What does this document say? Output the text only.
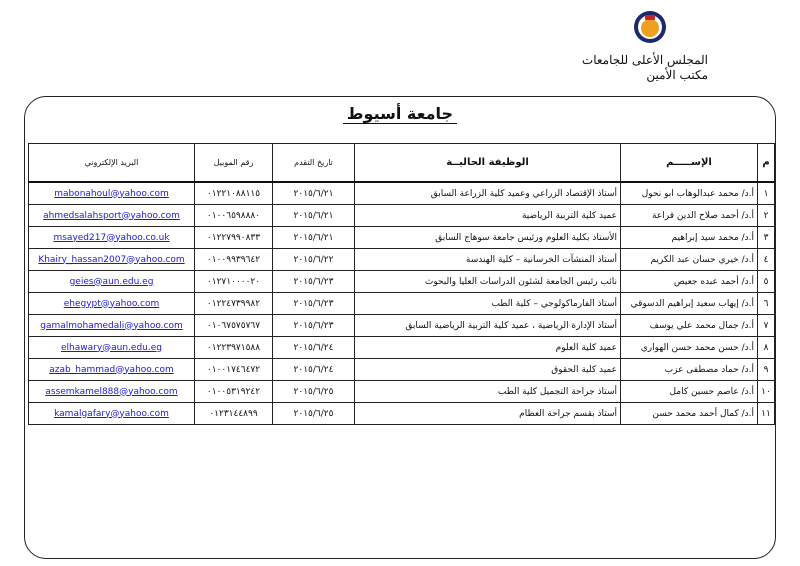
المجلس الأعلى للجامعات
مكتب الأمين
جامعة أسيوط
م	الإســـــم	الوظيفة الحاليــة	تاريخ التقدم	رقم الموبيل	البريد الإلكتروني
١	أ.د/ محمد عبدالوهاب ابو نحول	أستاذ الإقتصاد الزراعي وعميد كلية الزراعة السابق	٢٠١٥/٦/٢١	٠١٢٢١٠٨٨١١٥	mabonahoul@yahoo.com
٢	أ.د/ أحمد صلاح الدين قراعة	عميد كلية التربية الرياضية	٢٠١٥/٦/٢١	٠١٠٠٦٥٩٨٨٨٠	ahmedsalahsport@yahoo.com
٣	أ.د/ محمد سيد إبراهيم	الأستاذ بكلية العلوم ورئيس جامعة سوهاج السابق	٢٠١٥/٦/٢١	٠١٢٢٧٩٩٠٨٣٣	msayed217@yahoo.co.uk
٤	أ.د/ خيري حسان عبد الكريم	أستاذ المنشآت الخرسانية – كلية الهندسة	٢٠١٥/٦/٢٢	٠١٠٠٩٩٣٩٦٤٢	Khairy_hassan2007@yahoo.com
٥	أ.د/ أحمد عبده جعيص	نائب رئيس الجامعة لشئون الدراسات العليا والبحوث	٢٠١٥/٦/٢٣	٠١٢٧١٠٠٠٠٢٠	geies@aun.edu.eg
٦	أ.د/ إيهاب سعيد إبراهيم الدسوقي	أستاذ الفارماكولوجي – كلية الطب	٢٠١٥/٦/٢٣	٠١٢٢٤٧٣٩٩٨٢	ehegypt@yahoo.com
٧	أ.د/ جمال محمد علي يوسف	أستاذ الإدارة الرياضية ، عميد كلية التربية الرياضية السابق	٢٠١٥/٦/٢٣	٠١٠٦٧٥٧٥٧٦٧	gamalmohamedali@yahoo.com
٨	أ.د/ حسن محمد حسن الهواري	عميد كلية العلوم	٢٠١٥/٦/٢٤	٠١٢٢٣٩٧١٥٨٨	elhawary@aun.edu.eg
٩	أ.د/ حماد مصطفى عزب	عميد كلية الحقوق	٢٠١٥/٦/٢٤	٠١٠٠١٧٤٦٤٧٢	azab_hammad@yahoo.com
١٠	أ.د/ عاصم حسين كامل	أستاذ جراحة التجميل كلية الطب	٢٠١٥/٦/٢٥	٠١٠٠٥٣١٩٢٤٢	assemkamel888@yahoo.com
١١	أ.د/ كمال أحمد محمد حسن	أستاذ بقسم جراحة العظام	٢٠١٥/٦/٢٥	٠١٢٣١٤٤٨٩٩	kamalgafary@yahoo.com
